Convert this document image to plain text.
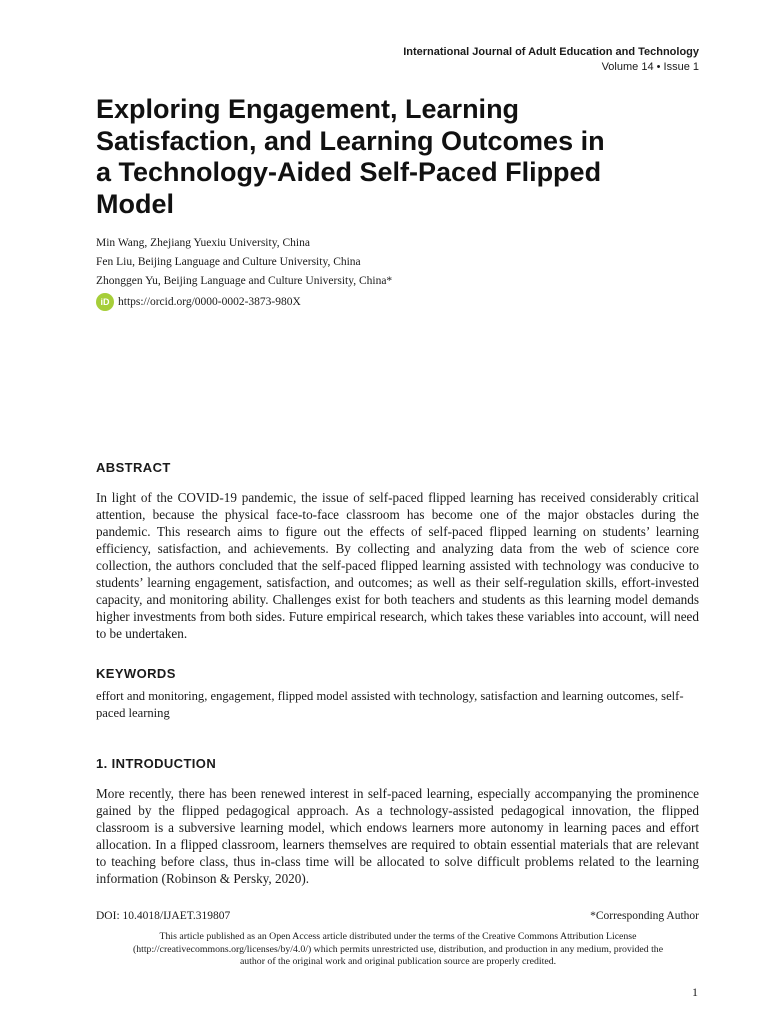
International Journal of Adult Education and Technology
Volume 14 • Issue 1
Exploring Engagement, Learning Satisfaction, and Learning Outcomes in a Technology-Aided Self-Paced Flipped Model
Min Wang, Zhejiang Yuexiu University, China
Fen Liu, Beijing Language and Culture University, China
Zhonggen Yu, Beijing Language and Culture University, China*
iD https://orcid.org/0000-0002-3873-980X
ABSTRACT

In light of the COVID-19 pandemic, the issue of self-paced flipped learning has received considerably critical attention, because the physical face-to-face classroom has become one of the major obstacles during the pandemic. This research aims to figure out the effects of self-paced flipped learning on students’ learning efficiency, satisfaction, and achievements. By collecting and analyzing data from the web of science core collection, the authors concluded that the self-paced flipped learning assisted with technology was conducive to students’ learning engagement, satisfaction, and outcomes; as well as their self-regulation skills, effort-invested capacity, and monitoring ability. Challenges exist for both teachers and students as this learning model demands higher investments from both sides. Future empirical research, which takes these variables into account, will need to be undertaken.

KEYWORDS

effort and monitoring, engagement, flipped model assisted with technology, satisfaction and learning outcomes, self-paced learning

1. INTRODUCTION

More recently, there has been renewed interest in self-paced learning, especially accompanying the prominence gained by the flipped pedagogical approach. As a technology-assisted pedagogical innovation, the flipped classroom is a subversive learning model, which endows learners more autonomy in learning paces and effort allocation. In a flipped classroom, learners themselves are required to obtain essential materials that are relevant to teaching before class, thus in-class time will be allocated to solve difficult problems related to the learning information (Robinson & Persky, 2020).

DOI: 10.4018/IJAET.319807	*Corresponding Author
This article published as an Open Access article distributed under the terms of the Creative Commons Attribution License (http://creativecommons.org/licenses/by/4.0/) which permits unrestricted use, distribution, and production in any medium, provided the author of the original work and original publication source are properly credited.
1
